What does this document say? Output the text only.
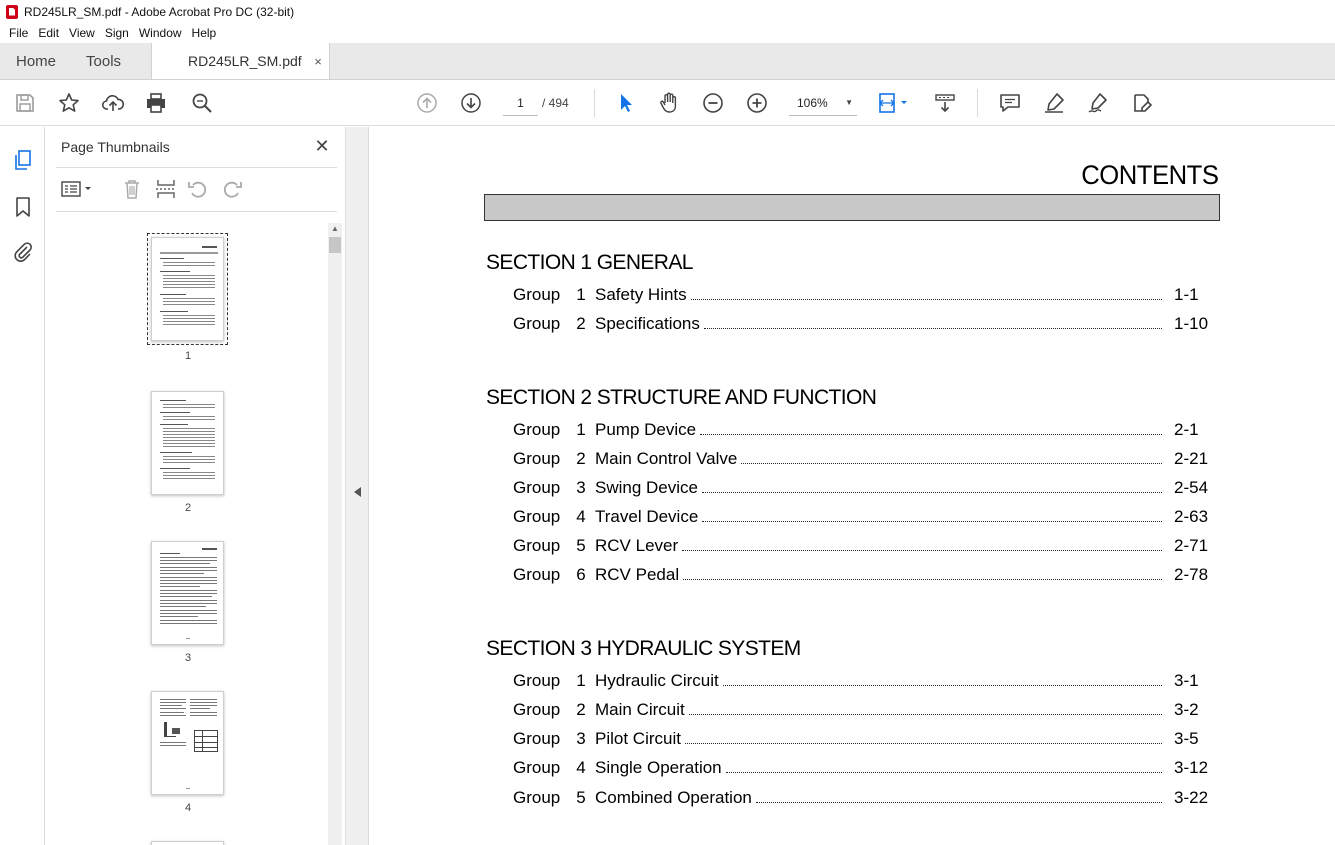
RD245LR_SM.pdf - Adobe Acrobat Pro DC (32-bit)
File Edit View Sign Window Help
Home	Tools	RD245LR_SM.pdf ×
1
/ 494	106% ▼
Page Thumbnails	✕
1
2
3
4
▲
CONTENTS
SECTION 1 GENERAL
Group 1 Safety Hints	1-1
Group 2 Specifications	1-10
SECTION 2 STRUCTURE AND FUNCTION
Group 1 Pump Device	2-1
Group 2 Main Control Valve	2-21
Group 3 Swing Device	2-54
Group 4 Travel Device	2-63
Group 5 RCV Lever	2-71
Group 6 RCV Pedal	2-78
SECTION 3 HYDRAULIC SYSTEM
Group 1 Hydraulic Circuit	3-1
Group 2 Main Circuit	3-2
Group 3 Pilot Circuit	3-5
Group 4 Single Operation	3-12
Group 5 Combined Operation	3-22
